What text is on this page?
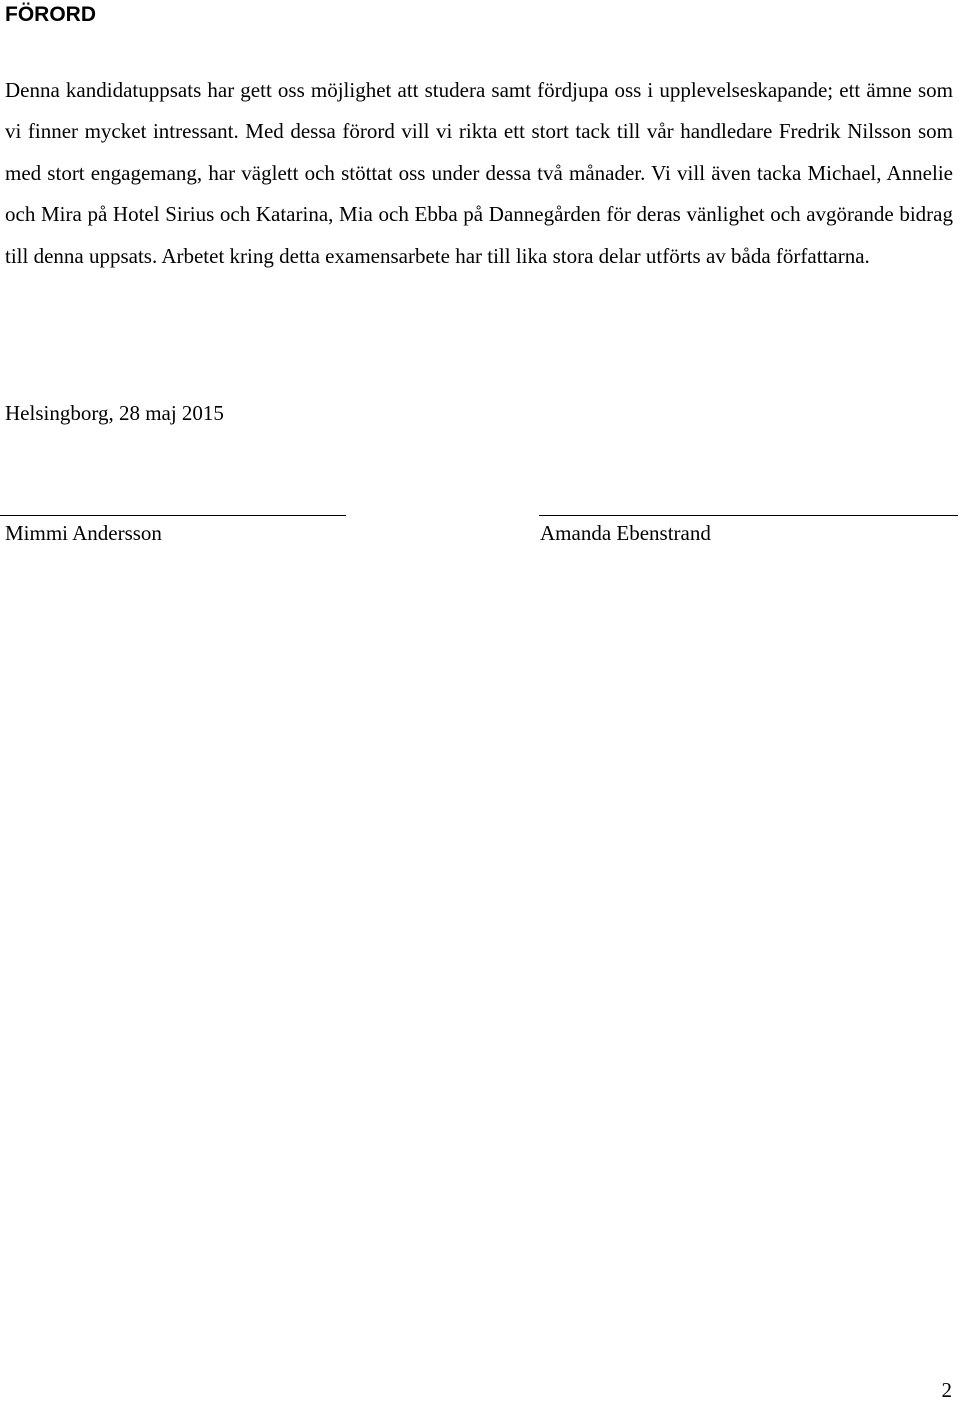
FÖRORD

Denna kandidatuppsats har gett oss möjlighet att studera samt fördjupa oss i upplevelseskapande; ett ämne som vi finner mycket intressant. Med dessa förord vill vi rikta ett stort tack till vår handledare Fredrik Nilsson som med stort engagemang, har väglett och stöttat oss under dessa två månader. Vi vill även tacka Michael, Annelie och Mira på Hotel Sirius och Katarina, Mia och Ebba på Dannegården för deras vänlighet och avgörande bidrag till denna uppsats. Arbetet kring detta examensarbete har till lika stora delar utförts av båda författarna.

Helsingborg, 28 maj 2015

Mimmi Andersson	Amanda Ebenstrand

2
